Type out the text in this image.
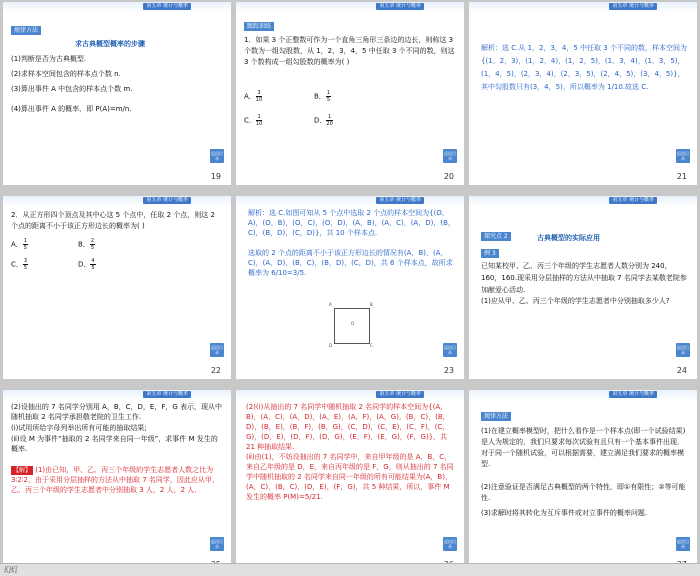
第五章 统计与概率
规律方法
求古典概型概率的步骤
(1)判断是否为古典概型.
(2)求样本空间包含的样本点个数 n.
(3)算出事件 A 中包含的样本点个数 m.
(4)算出事件 A 的概率，即 P(A)=m/n.
返回目录
19
第五章 统计与概率
跟踪训练
1．如果 3 个正整数可作为一个直角三角形三条边的边长，则称这 3 个数为一组勾股数，从 1，2，3，4，5 中任取 3 个不同的数，则这 3 个数构成一组勾股数的概率为( )
A． $\frac{3}{10}$	B． $\frac{1}{5}$
C． $\frac{1}{10}$	D． $\frac{1}{20}$
返回目录
20
第五章 统计与概率
解析：选 C.从 1，2，3，4，5 中任取 3 个不同的数，样本空间为{(1，2，3)，(1，2，4)，(1，2，5)，(1，3，4)，(1，3，5)，(1，4，5)，(2，3，4)，(2，3，5)，(2，4，5)，(3，4，5)}，其中勾股数只有(3，4，5)，所以概率为 1/10.故选 C.
返回目录
21
第五章 统计与概率
2．从正方形四个顶点及其中心这 5 个点中，任取 2 个点，则这 2 个点的距离不小于该正方形边长的概率为( )
A． $\frac{1}{5}$	B． $\frac{2}{5}$
C． $\frac{3}{5}$	D． $\frac{4}{5}$
返回目录
22
第五章 统计与概率
解析：选 C.如图可知从 5 个点中选取 2 个点的样本空间为{(O，A)，(O，B)，(O，C)，(O，D)，(A，B)，(A，C)，(A，D)，(B，C)，(B，D)，(C，D)}，共 10 个样本点.
选取的 2 个点的距离不小于该正方形边长的情况有(A，B)，(A，C)，(A，D)，(B，C)，(B，D)，(C，D)，共 6 个样本点，故所求概率为 6/10=3/5.
A	B
C
D
O
返回目录
23
第五章 统计与概率
探究点 2	古典概型的实际应用
例 3
已知某校甲、乙、丙三个年级的学生志愿者人数分别为 240，160，160.现采用分层抽样的方法从中抽取 7 名同学去某敬老院参加献爱心活动.
(1)应从甲、乙、丙三个年级的学生志愿者中分别抽取多少人?
返回目录
24
第五章 统计与概率
(2)设抽出的 7 名同学分别用 A，B，C，D，E，F，G 表示，现从中随机抽取 2 名同学承担敬老院的卫生工作.
(ⅰ)试用所给字母列举出所有可能的抽取结果;
(ⅱ)设 M 为事件“抽取的 2 名同学来自同一年级”，求事件 M 发生的概率.
【解】 (1)由已知，甲、乙、丙三个年级的学生志愿者人数之比为 3∶2∶2，由于采用分层抽样的方法从中抽取 7 名同学，因此应从甲、乙、丙三个年级的学生志愿者中分别抽取 3 人，2 人，2 人.
返回目录
第五章 统计与概率
(2)(ⅰ)从抽出的 7 名同学中随机抽取 2 名同学的样本空间为{(A，B)，(A，C)，(A，D)，(A，E)，(A，F)，(A，G)，(B，C)，(B，D)，(B，E)，(B，F)，(B，G)，(C，D)，(C，E)，(C，F)，(C，G)，(D，E)，(D，F)，(D，G)，(E，F)，(E，G)，(F，G)}，共 21 种抽取结果.
(ⅱ)由(1)，不妨设抽出的 7 名同学中，来自甲年级的是 A，B，C，来自乙年级的是 D，E，来自丙年级的是 F，G，则从抽出的 7 名同学中随机抽取的 2 名同学来自同一年级的所有可能结果为(A，B)，(A，C)，(B，C)，(D，E)，(F，G)，共 5 种结果，所以，事件 M 发生的概率 P(M)=5/21.
返回目录
第五章 统计与概率
规律方法
(1)在建立概率模型时，把什么看作是一个样本点(即一个试验结果)是人为规定的，我们只要求每次试验有且只有一个基本事件出现．对于同一个随机试验，可以根据需要，建立满足我们要求的概率模型.
(2)注意验证是否满足古典概型的两个特性，即①有限性；②等可能性.
(3)求解时将其转化为互斥事件或对立事件的概率问题.
返回目录
幻灯
